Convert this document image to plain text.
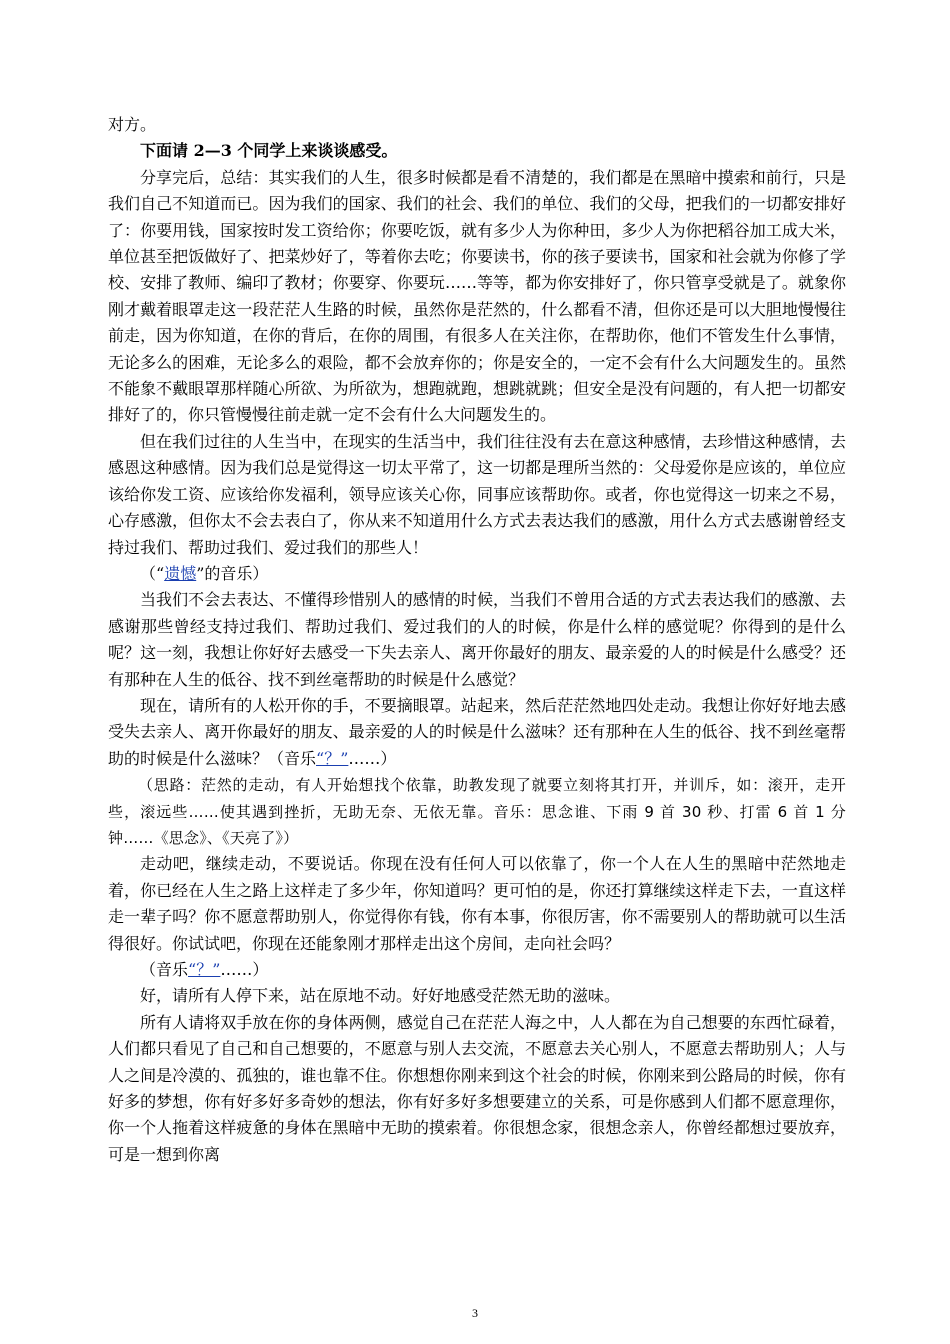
对方。

下面请 2—3 个同学上来谈谈感受。

分享完后，总结：其实我们的人生，很多时候都是看不清楚的，我们都是在黑暗中摸索和前行，只是我们自己不知道而已。因为我们的国家、我们的社会、我们的单位、我们的父母，把我们的一切都安排好了：你要用钱，国家按时发工资给你；你要吃饭，就有多少人为你种田，多少人为你把稻谷加工成大米，单位甚至把饭做好了、把菜炒好了，等着你去吃；你要读书，你的孩子要读书，国家和社会就为你修了学校、安排了教师、编印了教材；你要穿、你要玩……等等，都为你安排好了，你只管享受就是了。就象你刚才戴着眼罩走这一段茫茫人生路的时候，虽然你是茫然的，什么都看不清，但你还是可以大胆地慢慢往前走，因为你知道，在你的背后，在你的周围，有很多人在关注你，在帮助你，他们不管发生什么事情，无论多么的困难，无论多么的艰险，都不会放弃你的；你是安全的，一定不会有什么大问题发生的。虽然不能象不戴眼罩那样随心所欲、为所欲为，想跑就跑，想跳就跳；但安全是没有问题的，有人把一切都安排好了的，你只管慢慢往前走就一定不会有什么大问题发生的。

但在我们过往的人生当中，在现实的生活当中，我们往往没有去在意这种感情，去珍惜这种感情，去感恩这种感情。因为我们总是觉得这一切太平常了，这一切都是理所当然的：父母爱你是应该的，单位应该给你发工资、应该给你发福利，领导应该关心你，同事应该帮助你。或者，你也觉得这一切来之不易，心存感激，但你太不会去表白了，你从来不知道用什么方式去表达我们的感激，用什么方式去感谢曾经支持过我们、帮助过我们、爱过我们的那些人！

（“遗憾”的音乐）

当我们不会去表达、不懂得珍惜别人的感情的时候，当我们不曾用合适的方式去表达我们的感激、去感谢那些曾经支持过我们、帮助过我们、爱过我们的人的时候，你是什么样的感觉呢？你得到的是什么呢？这一刻，我想让你好好去感受一下失去亲人、离开你最好的朋友、最亲爱的人的时候是什么感受？还有那种在人生的低谷、找不到丝毫帮助的时候是什么感觉？

现在，请所有的人松开你的手，不要摘眼罩。站起来，然后茫茫然地四处走动。我想让你好好地去感受失去亲人、离开你最好的朋友、最亲爱的人的时候是什么滋味？还有那种在人生的低谷、找不到丝毫帮助的时候是什么滋味？（音乐“？”……）

（思路：茫然的走动，有人开始想找个依靠，助教发现了就要立刻将其打开，并训斥，如：滚开，走开些，滚远些……使其遇到挫折，无助无奈、无依无靠。音乐：思念谁、下雨 9 首 30 秒、打雷 6 首 1 分钟……《思念》、《天亮了》）

走动吧，继续走动，不要说话。你现在没有任何人可以依靠了，你一个人在人生的黑暗中茫然地走着，你已经在人生之路上这样走了多少年，你知道吗？更可怕的是，你还打算继续这样走下去，一直这样走一辈子吗？你不愿意帮助别人，你觉得你有钱，你有本事，你很厉害，你不需要别人的帮助就可以生活得很好。你试试吧，你现在还能象刚才那样走出这个房间，走向社会吗？

（音乐“？”……）

好，请所有人停下来，站在原地不动。好好地感受茫然无助的滋味。

所有人请将双手放在你的身体两侧，感觉自己在茫茫人海之中，人人都在为自己想要的东西忙碌着，人们都只看见了自己和自己想要的，不愿意与别人去交流，不愿意去关心别人，不愿意去帮助别人；人与人之间是冷漠的、孤独的，谁也靠不住。你想想你刚来到这个社会的时候，你刚来到公路局的时候，你有好多的梦想，你有好多好多奇妙的想法，你有好多好多想要建立的关系，可是你感到人们都不愿意理你，你一个人拖着这样疲惫的身体在黑暗中无助的摸索着。你很想念家，很想念亲人，你曾经都想过要放弃，可是一想到你离

3
